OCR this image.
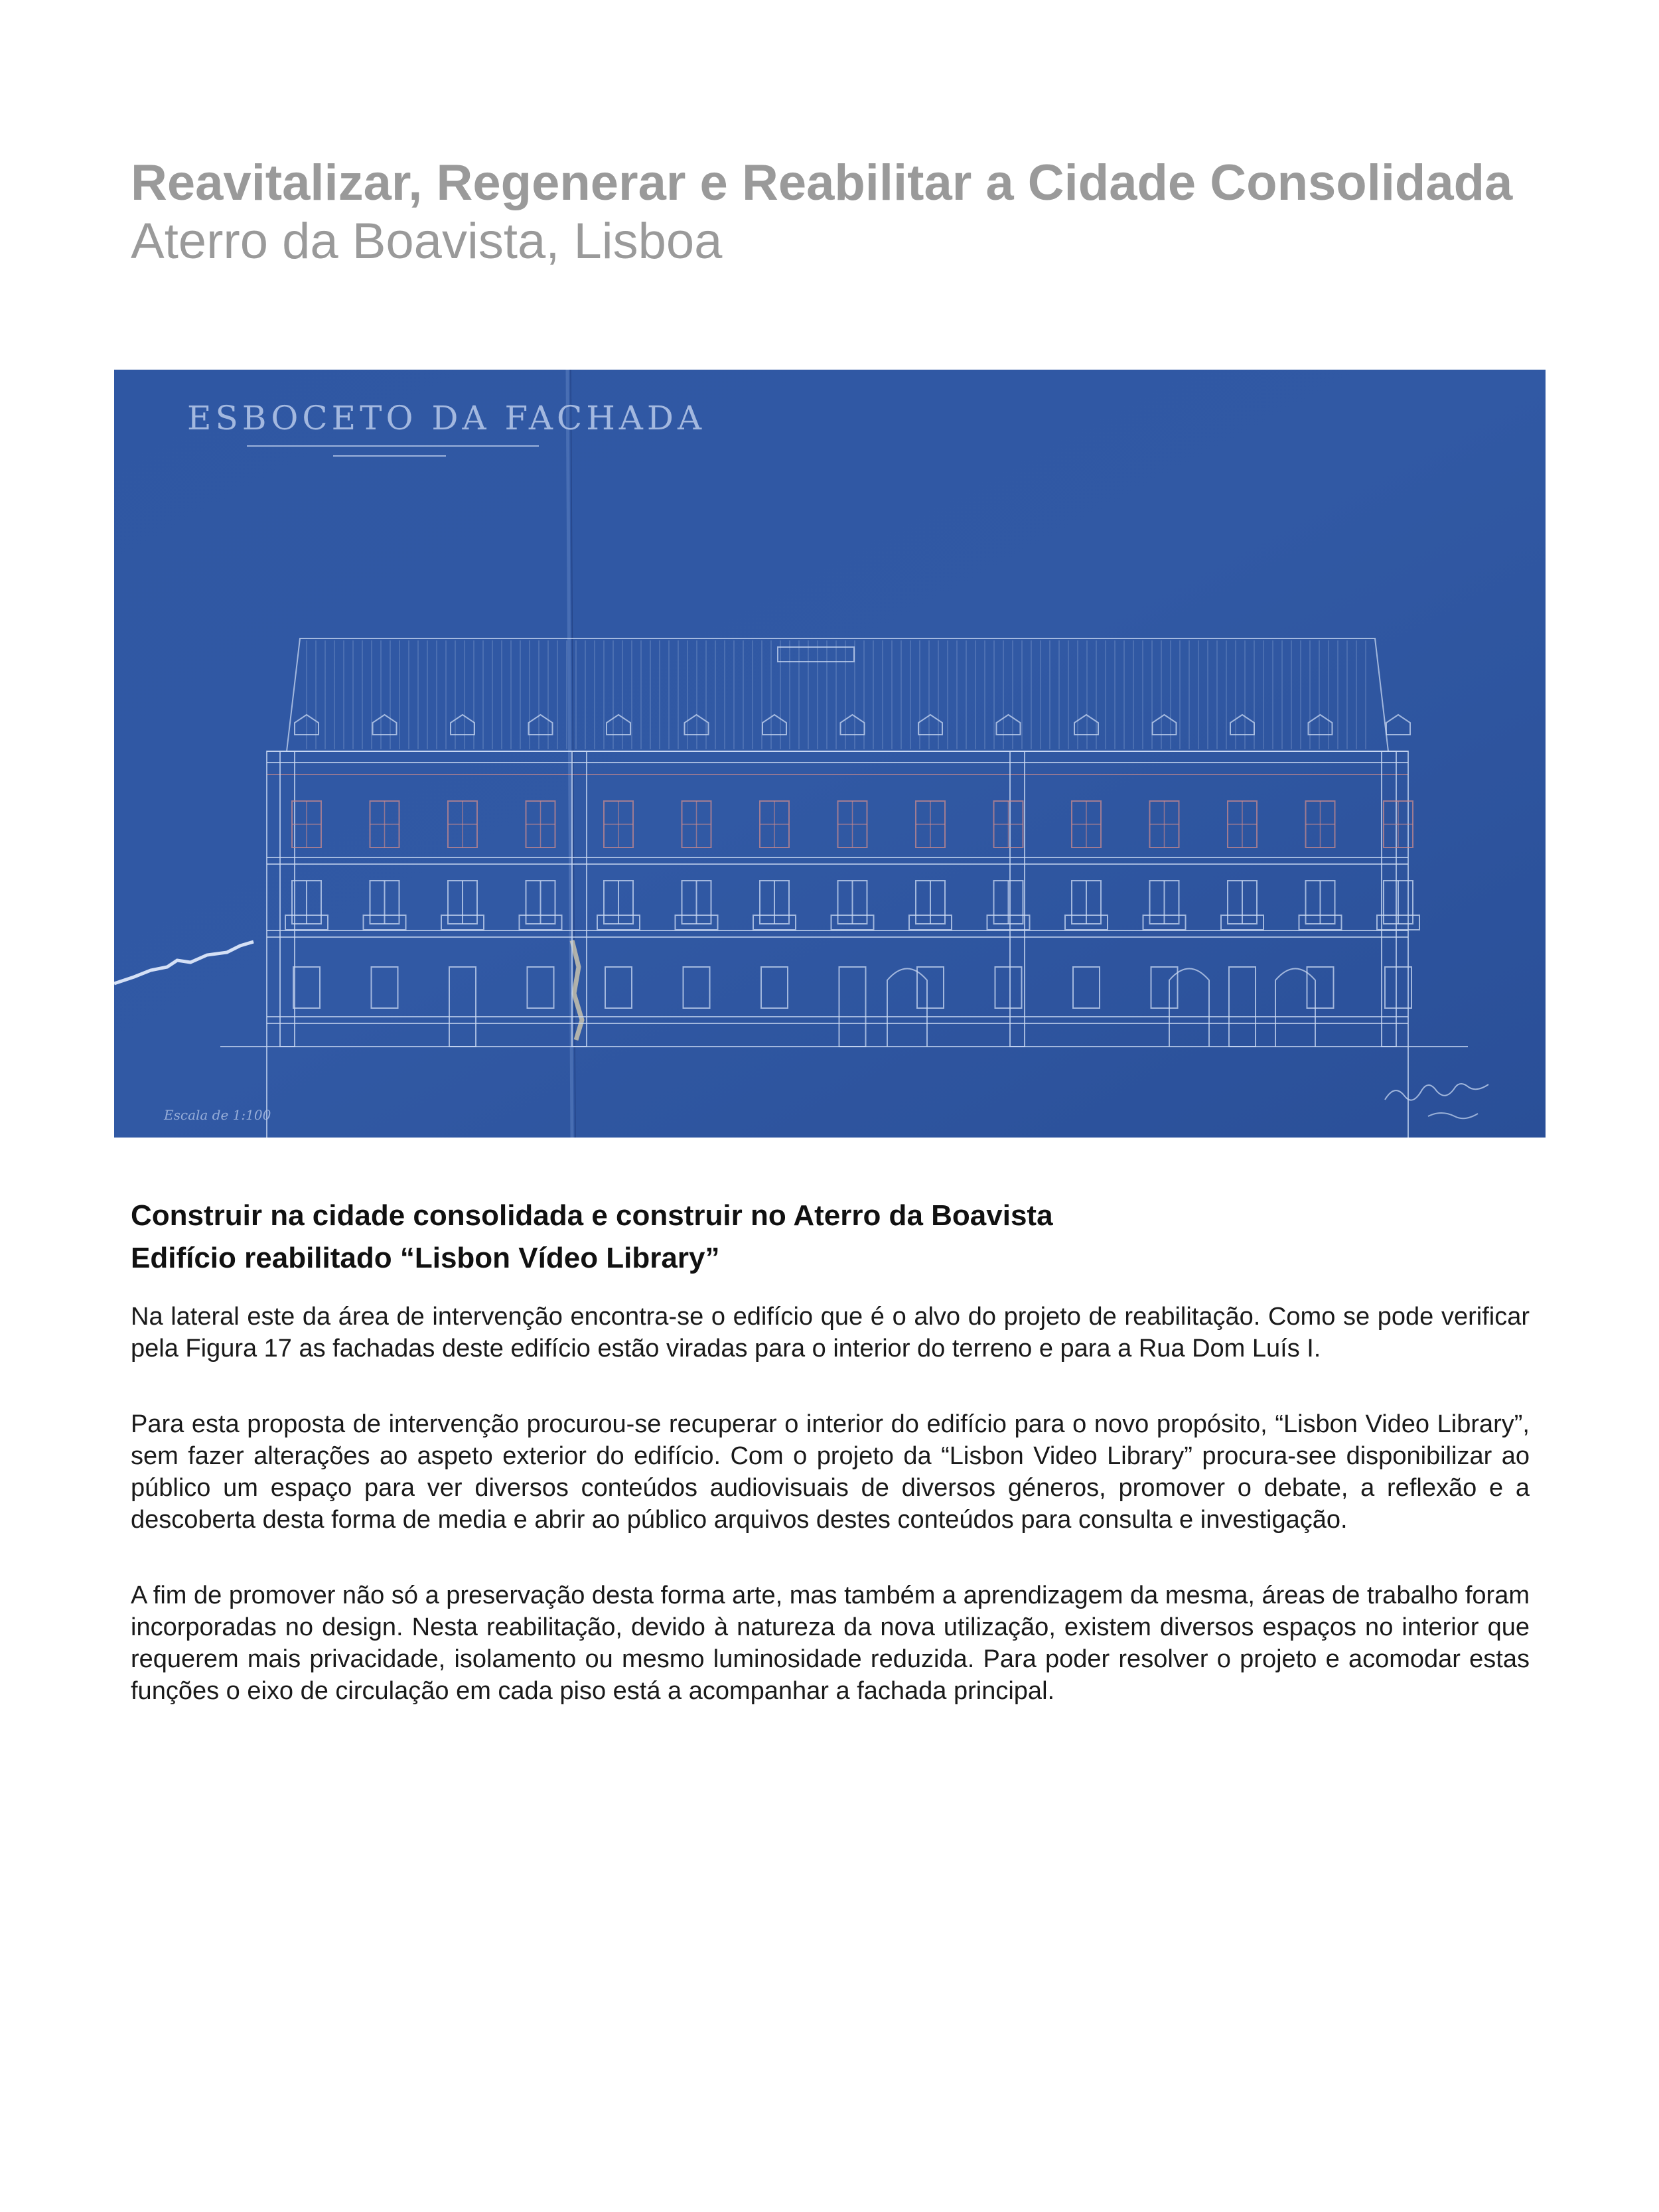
Reavitalizar, Regenerar e Reabilitar a Cidade Consolidada
Aterro da Boavista, Lisboa
ESBOCETO DA FACHADA
Escala de 1:100
Construir na cidade consolidada e construir no Aterro da Boavista
Edifício reabilitado “Lisbon Vídeo Library”

Na lateral este da área de intervenção encontra-se o edifício que é o alvo do projeto de reabilitação. Como se pode verificar pela Figura 17 as fachadas deste edifício estão viradas para o interior do terreno e para a Rua Dom Luís I.

Para esta proposta de intervenção procurou-se recuperar o interior do edifício para o novo propósito, “Lisbon Video Library”, sem fazer alterações ao aspeto exterior do edifício. Com o projeto da “Lisbon Video Library” procura-see disponibilizar ao público um espaço para ver diversos conteúdos audiovisuais de diversos géneros, promover o debate, a reflexão e a descoberta desta forma de media e abrir ao público arquivos destes conteúdos para consulta e investigação.

A fim de promover não só a preservação desta forma arte, mas também a aprendizagem da mesma, áreas de trabalho foram incorporadas no design. Nesta reabilitação, devido à natureza da nova utilização, existem diversos espaços no interior que requerem mais privacidade, isolamento ou mesmo luminosidade reduzida. Para poder resolver o projeto e acomodar estas funções o eixo de circulação em cada piso está a acompanhar a fachada principal.
